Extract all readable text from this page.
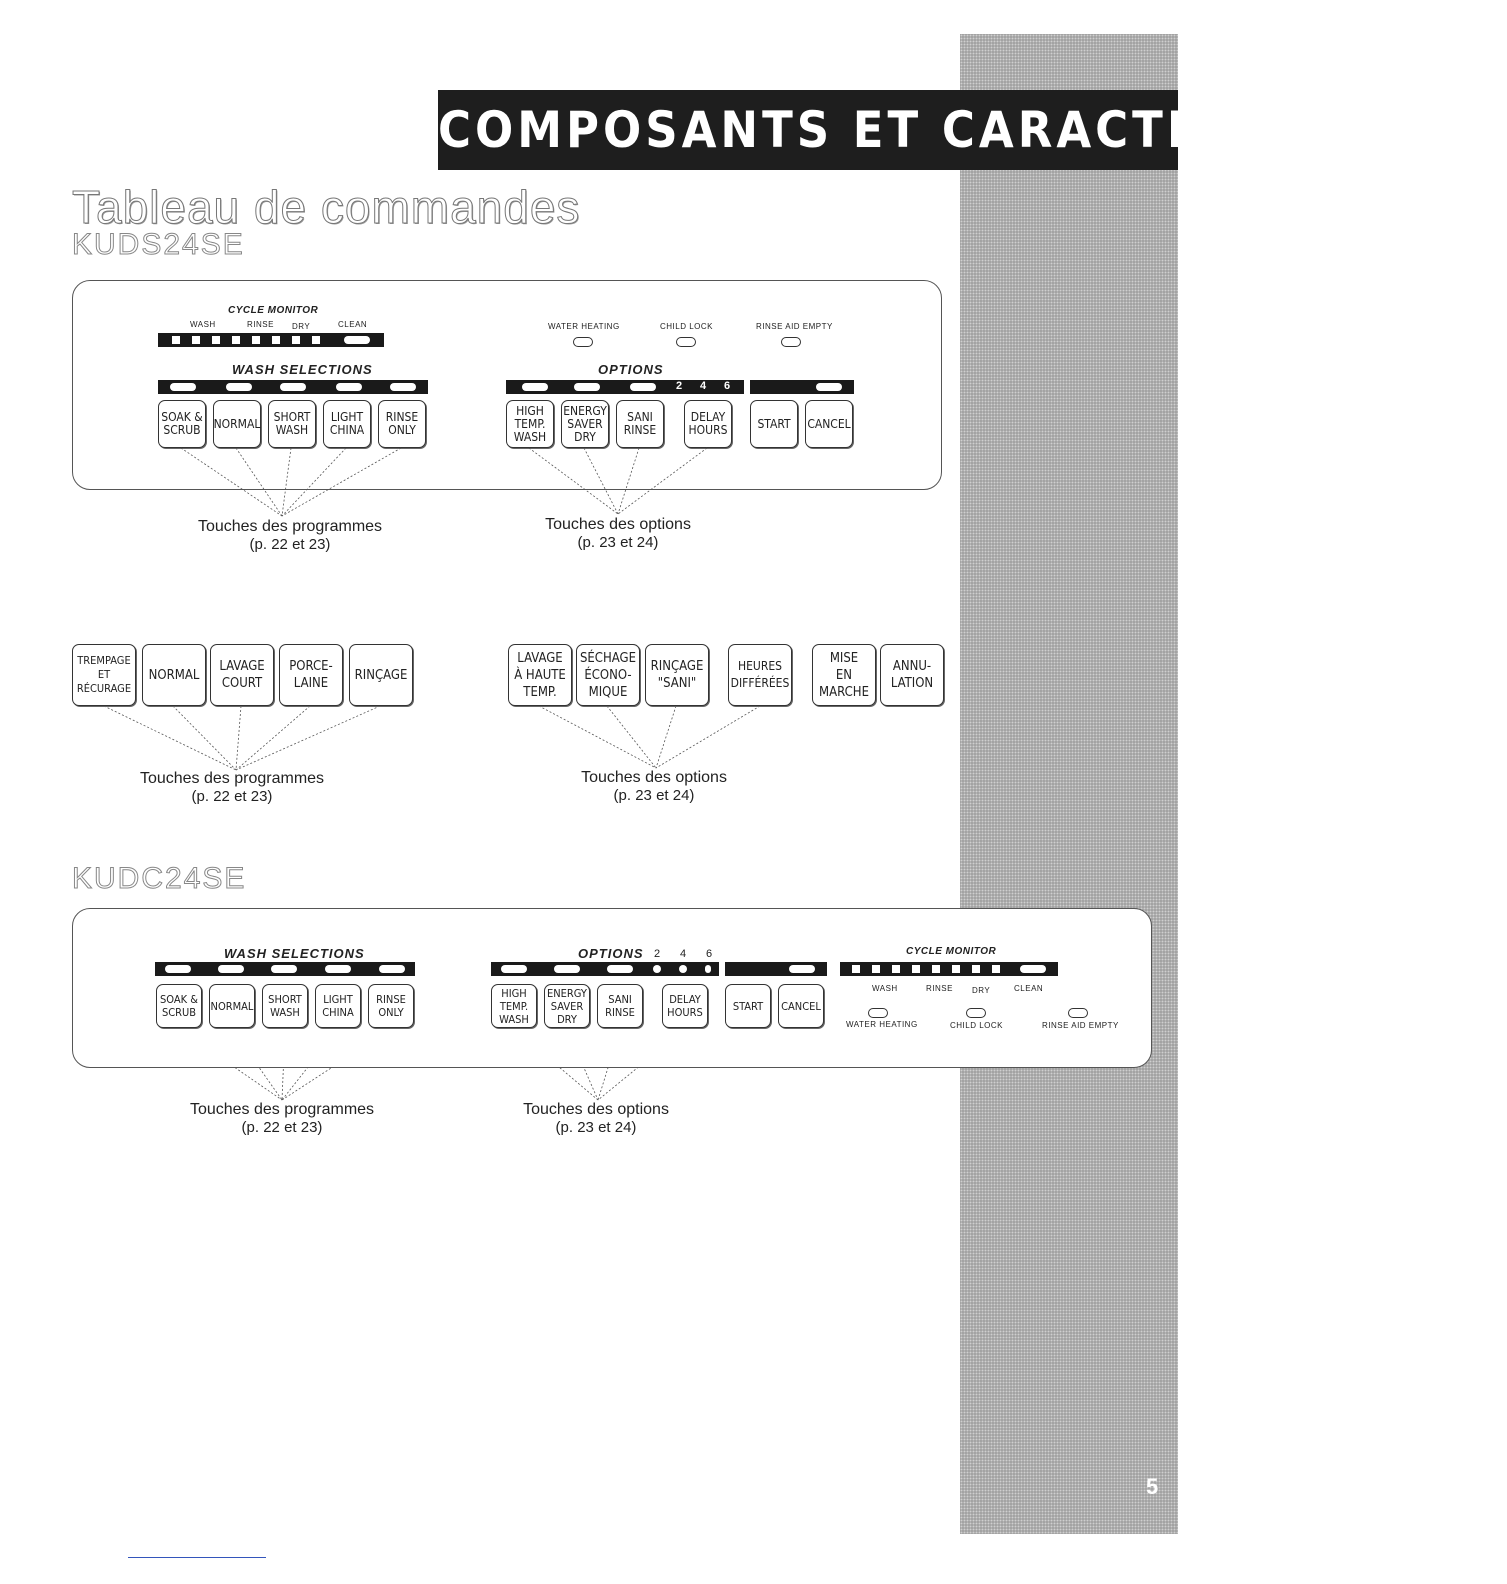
5
COMPOSANTS ET CARACTÉRISTIQUES
Tableau de commandes
KUDS24SE
CYCLE MONITOR
WASH	RINSE DRY	CLEAN	WATER HEATING	CHILD LOCK	RINSE AID EMPTY
WASH SELECTIONS	OPTIONS
2 4 6
SOAK &
SCRUB	NORMAL	SHORT
WASH
LIGHT
CHINA
RINSE
ONLY
HIGH
TEMP.
WASH
ENERGY
SAVER
DRY
SANI
RINSE
DELAY
HOURS	START	CANCEL
Touches des programmes
(p. 22 et 23)
Touches des options
(p. 23 et 24)
TREMPAGE
ET
RÉCURAGE
NORMAL
LAVAGE
COURT
PORCE-
LAINE
RINÇAGE
LAVAGE
À HAUTE
TEMP.
SÉCHAGE
ÉCONO-
MIQUE
RINÇAGE
"SANI"
HEURES
DIFFÉRÉES
MISE
EN
MARCHE
ANNU-
LATION
Touches des programmes
(p. 22 et 23)
Touches des options
(p. 23 et 24)
KUDC24SE
WASH SELECTIONS	OPTIONS 2 4 6	CYCLE MONITOR
WASH	RINSE DRY	CLEAN
WATER HEATING	CHILD LOCK	RINSE AID EMPTY
SOAK &
SCRUB	NORMAL	SHORT
WASH
LIGHT
CHINA
RINSE
ONLY
HIGH
TEMP.
WASH
ENERGY
SAVER
DRY
SANI
RINSE
DELAY
HOURS	START	CANCEL
Touches des programmes
(p. 22 et 23)
Touches des options
(p. 23 et 24)
